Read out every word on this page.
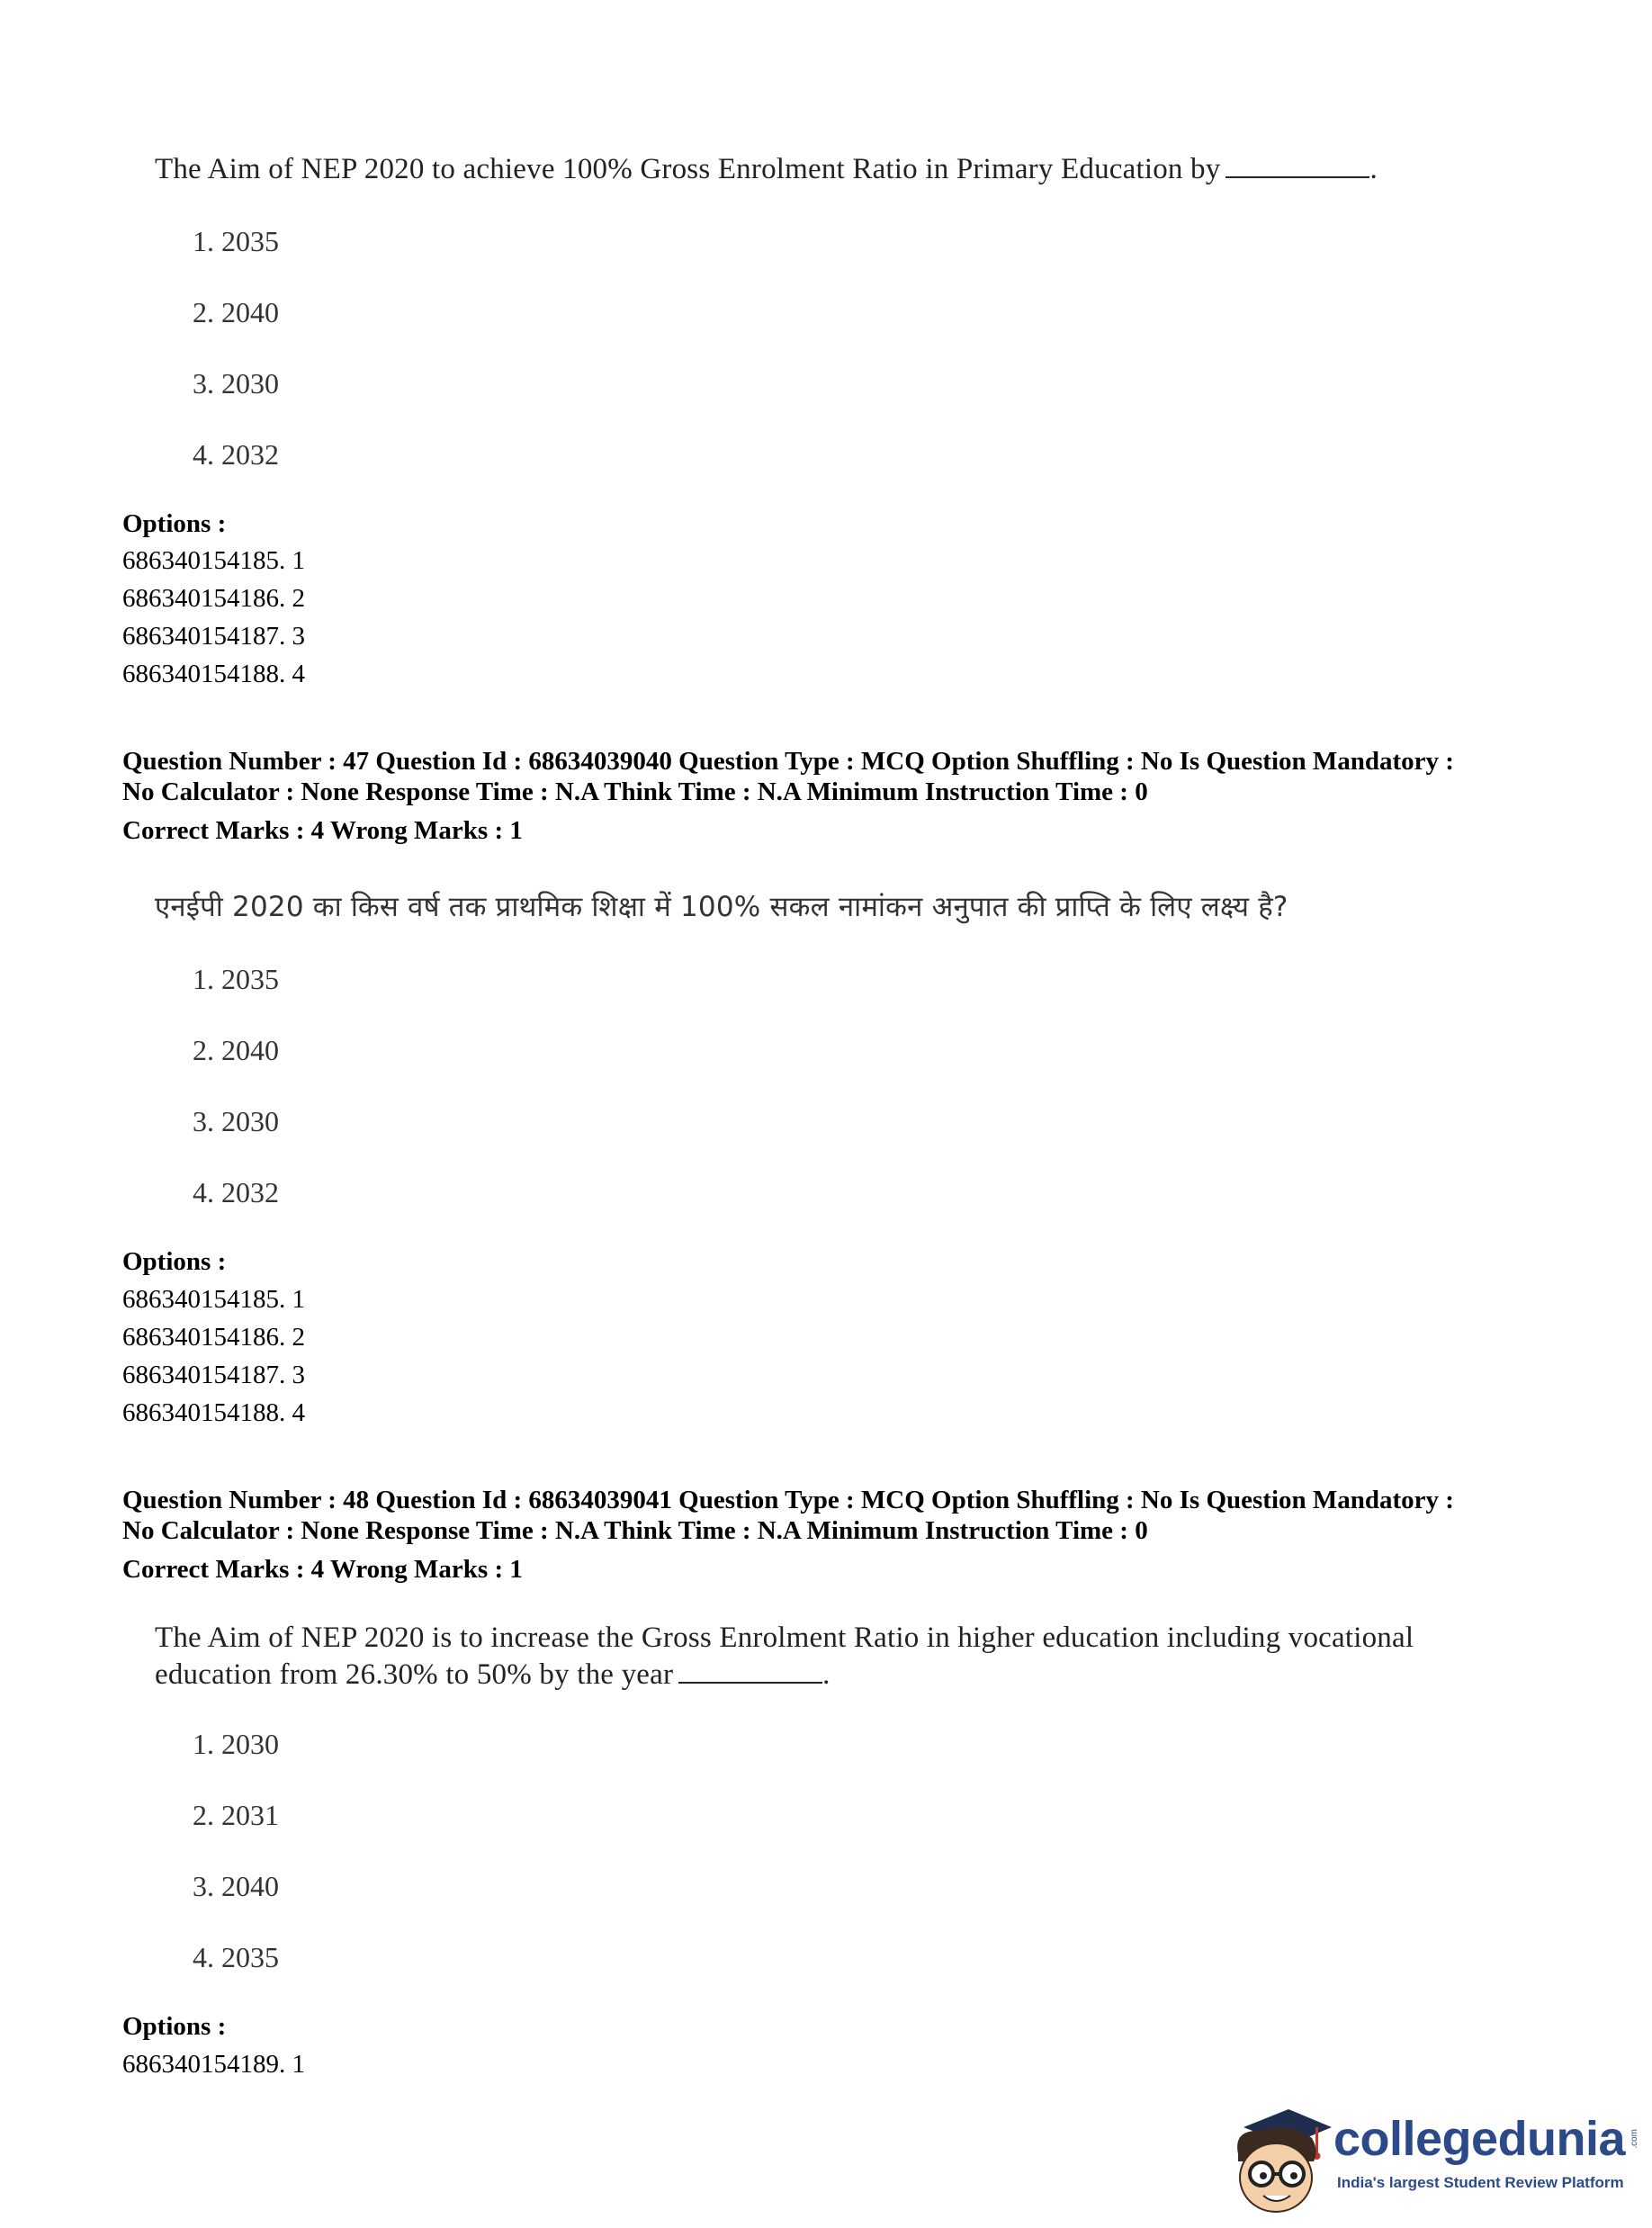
The Aim of NEP 2020 to achieve 100% Gross Enrolment Ratio in Primary Education by	.
1. 2035
2. 2040
3. 2030
4. 2032
Options :
686340154185. 1
686340154186. 2
686340154187. 3
686340154188. 4
Question Number : 47 Question Id : 68634039040 Question Type : MCQ Option Shuffling : No Is Question Mandatory :
No Calculator : None Response Time : N.A Think Time : N.A Minimum Instruction Time : 0
Correct Marks : 4 Wrong Marks : 1
एनईपी 2020 का किस वर्ष तक प्राथमिक शिक्षा में 100% सकल नामांकन अनुपात की प्राप्ति के लिए लक्ष्य है?
1. 2035
2. 2040
3. 2030
4. 2032
Options :
686340154185. 1
686340154186. 2
686340154187. 3
686340154188. 4
Question Number : 48 Question Id : 68634039041 Question Type : MCQ Option Shuffling : No Is Question Mandatory :
No Calculator : None Response Time : N.A Think Time : N.A Minimum Instruction Time : 0
Correct Marks : 4 Wrong Marks : 1
The Aim of NEP 2020 is to increase the Gross Enrolment Ratio in higher education including vocational
education from 26.30% to 50% by the year	.
1. 2030
2. 2031
3. 2040
4. 2035
Options :
686340154189. 1
collegedunia .com
India's largest Student Review Platform
